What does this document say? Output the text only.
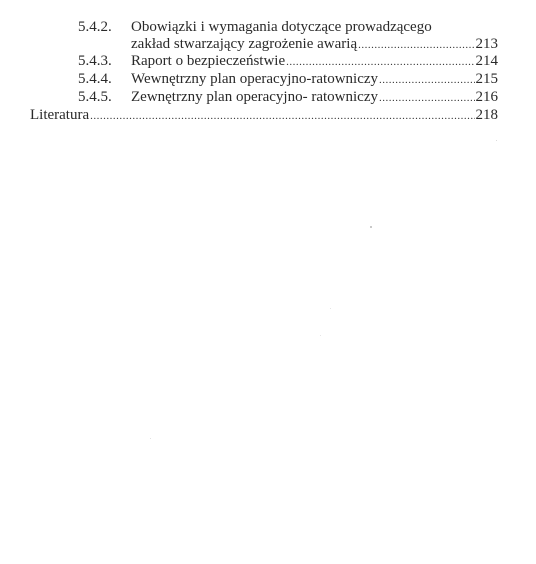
5.4.2. Obowiązki i wymagania dotyczące prowadzącego
zakład stwarzający zagrożenie awarią .....	213
5.4.3. Raport o bezpieczeństwie .....	214
5.4.4. Wewnętrzny plan operacyjno-ratowniczy .....	215
5.4.5. Zewnętrzny plan operacyjno- ratowniczy .....	216
Literatura .....	218
